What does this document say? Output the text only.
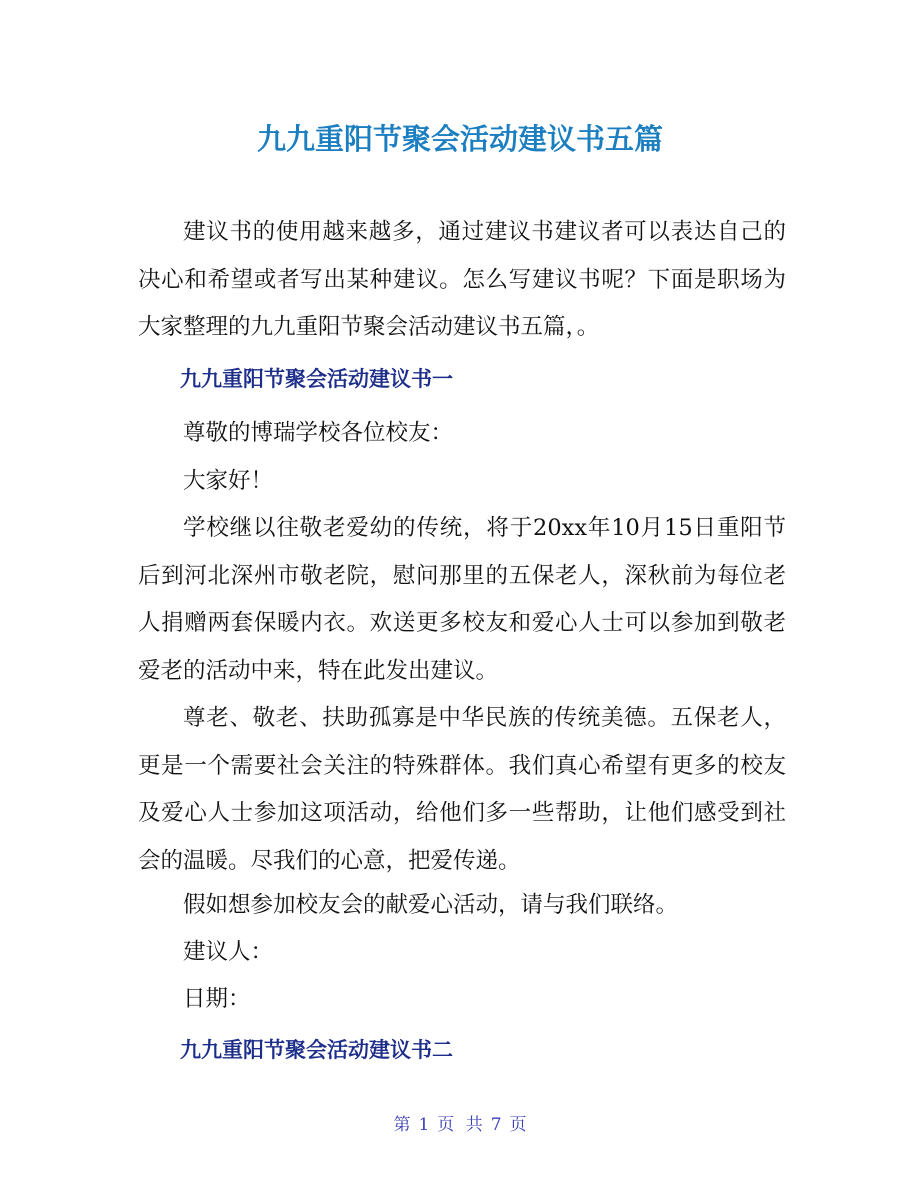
九九重阳节聚会活动建议书五篇

建议书的使用越来越多，通过建议书建议者可以表达自己的决心和希望或者写出某种建议。怎么写建议书呢？下面是职场为大家整理的九九重阳节聚会活动建议书五篇，。

九九重阳节聚会活动建议书一

尊敬的博瑞学校各位校友：

大家好！

学校继以往敬老爱幼的传统，将于20xx年10月15日重阳节后到河北深州市敬老院，慰问那里的五保老人，深秋前为每位老人捐赠两套保暖内衣。欢送更多校友和爱心人士可以参加到敬老爱老的活动中来，特在此发出建议。

尊老、敬老、扶助孤寡是中华民族的传统美德。五保老人，更是一个需要社会关注的特殊群体。我们真心希望有更多的校友及爱心人士参加这项活动，给他们多一些帮助，让他们感受到社会的温暖。尽我们的心意，把爱传递。

假如想参加校友会的献爱心活动，请与我们联络。

建议人：

日期：

九九重阳节聚会活动建议书二
第 1 页 共 7 页
